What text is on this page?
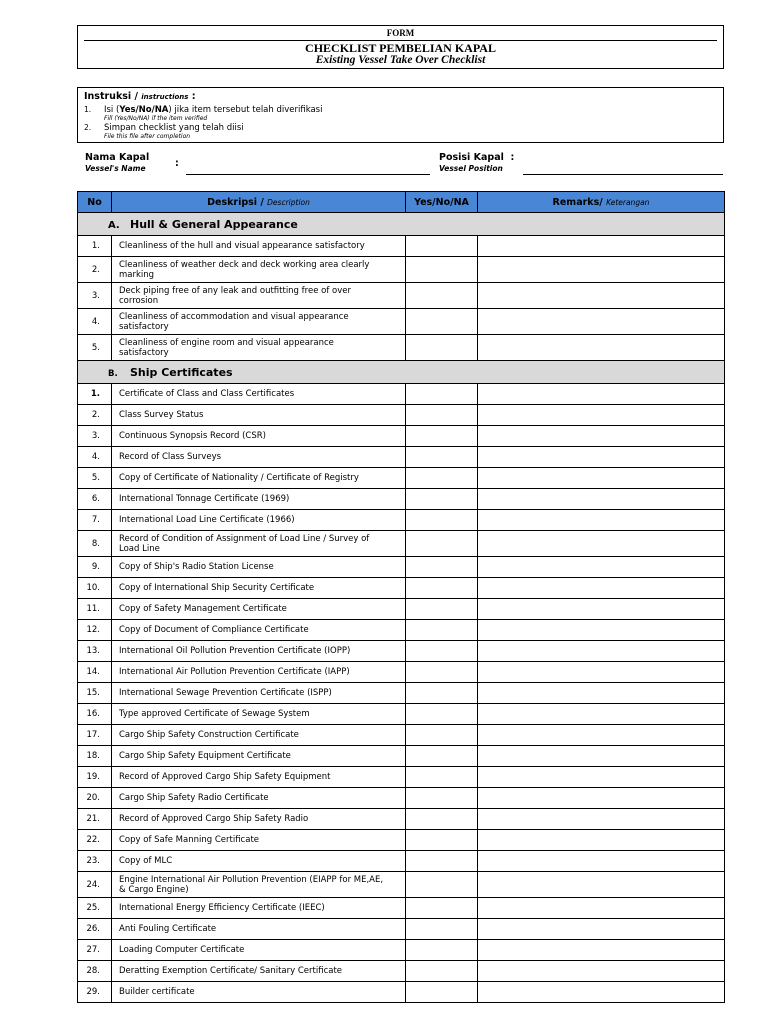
FORM
CHECKLIST PEMBELIAN KAPAL
Existing Vessel Take Over Checklist
Instruksi / instructions :
1. Isi (Yes/No/NA) jika item tersebut telah diverifikasi
Fill (Yes/No/NA) if the item verified
2. Simpan checklist yang telah diisi
File this file after completion
Nama Kapal
Vessel's Name	:
Posisi Kapal :
Vessel Position
No	Deskripsi / Description	Yes/No/NA	Remarks/ Keterangan
A. Hull & General Appearance			
1.	Cleanliness of the hull and visual appearance satisfactory		
2.	Cleanliness of weather deck and deck working area clearly marking		
3.	Deck piping free of any leak and outfitting free of over corrosion		
4.	Cleanliness of accommodation and visual appearance satisfactory		
5.	Cleanliness of engine room and visual appearance satisfactory		
B. Ship Certificates			
1.	Certificate of Class and Class Certificates		
2.	Class Survey Status		
3.	Continuous Synopsis Record (CSR)		
4.	Record of Class Surveys		
5.	Copy of Certificate of Nationality / Certificate of Registry		
6.	International Tonnage Certificate (1969)		
7.	International Load Line Certificate (1966)		
8.	Record of Condition of Assignment of Load Line / Survey of Load Line		
9.	Copy of Ship's Radio Station License		
10.	Copy of International Ship Security Certificate		
11.	Copy of Safety Management Certificate		
12.	Copy of Document of Compliance Certificate		
13.	International Oil Pollution Prevention Certificate (IOPP)		
14.	International Air Pollution Prevention Certificate (IAPP)		
15.	International Sewage Prevention Certificate (ISPP)		
16.	Type approved Certificate of Sewage System		
17.	Cargo Ship Safety Construction Certificate		
18.	Cargo Ship Safety Equipment Certificate		
19.	Record of Approved Cargo Ship Safety Equipment		
20.	Cargo Ship Safety Radio Certificate		
21.	Record of Approved Cargo Ship Safety Radio		
22.	Copy of Safe Manning Certificate		
23.	Copy of MLC		
24.	Engine International Air Pollution Prevention (EIAPP for ME,AE, & Cargo Engine)		
25.	International Energy Efficiency Certificate (IEEC)		
26.	Anti Fouling Certificate		
27.	Loading Computer Certificate		
28.	Deratting Exemption Certificate/ Sanitary Certificate		
29.	Builder certificate		
